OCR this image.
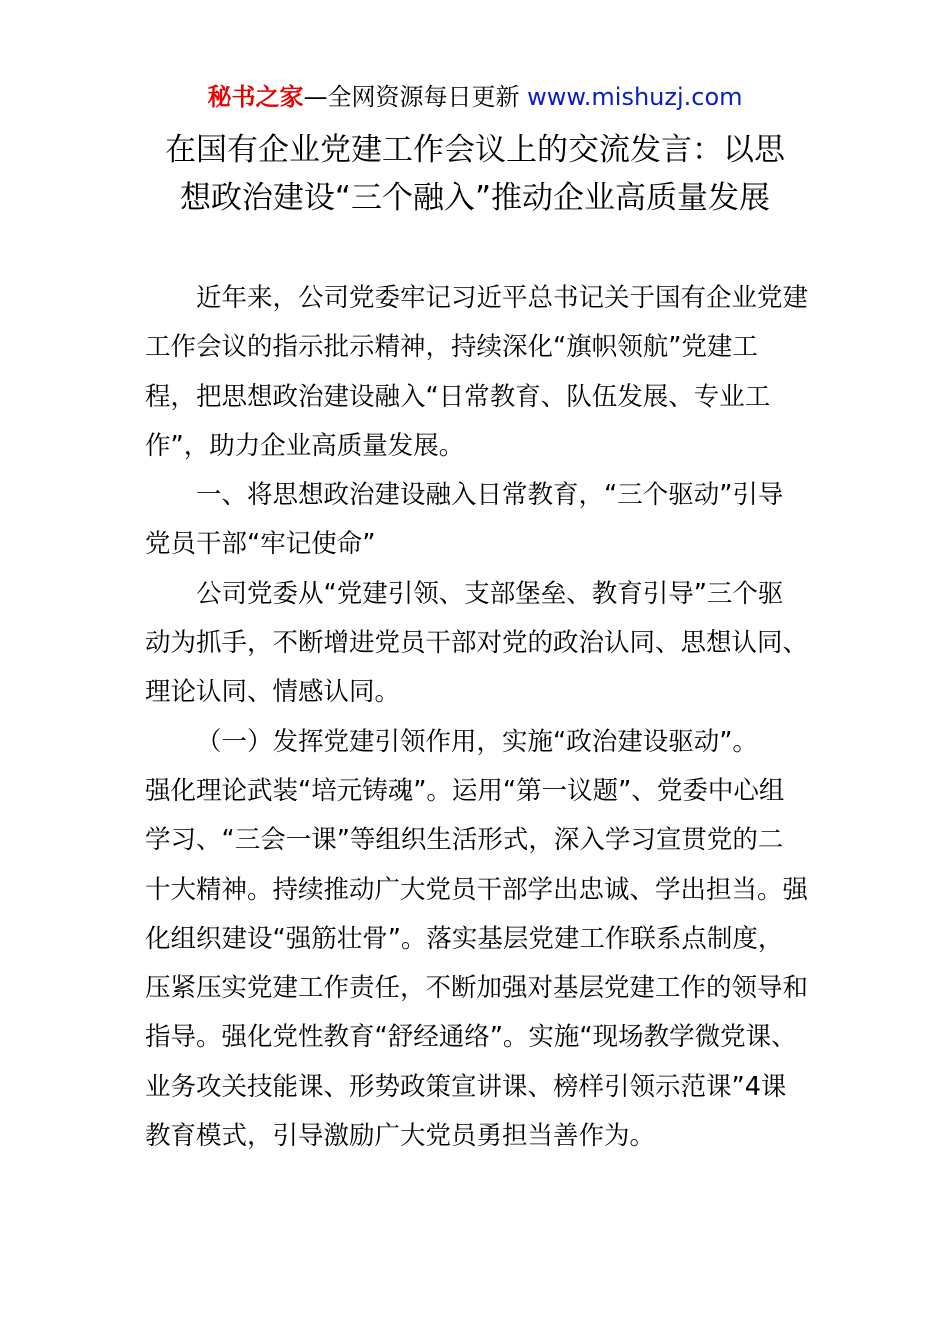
秘书之家—全网资源每日更新 www.mishuzj.com
在国有企业党建工作会议上的交流发言：以思
想政治建设“三个融入”推动企业高质量发展

近年来，公司党委牢记习近平总书记关于国有企业党建工作会议的指示批示精神，持续深化“旗帜领航”党建工程，把思想政治建设融入“日常教育、队伍发展、专业工作”，助力企业高质量发展。

一、将思想政治建设融入日常教育，“三个驱动”引导党员干部“牢记使命”

公司党委从“党建引领、支部堡垒、教育引导”三个驱动为抓手，不断增进党员干部对党的政治认同、思想认同、理论认同、情感认同。

（一）发挥党建引领作用，实施“政治建设驱动”。

强化理论武装“培元铸魂”。运用“第一议题”、党委中心组学习、“三会一课”等组织生活形式，深入学习宣贯党的二十大精神。持续推动广大党员干部学出忠诚、学出担当。强化组织建设“强筋壮骨”。落实基层党建工作联系点制度，压紧压实党建工作责任，不断加强对基层党建工作的领导和指导。强化党性教育“舒经通络”。实施“现场教学微党课、业务攻关技能课、形势政策宣讲课、榜样引领示范课”4课教育模式，引导激励广大党员勇担当善作为。
